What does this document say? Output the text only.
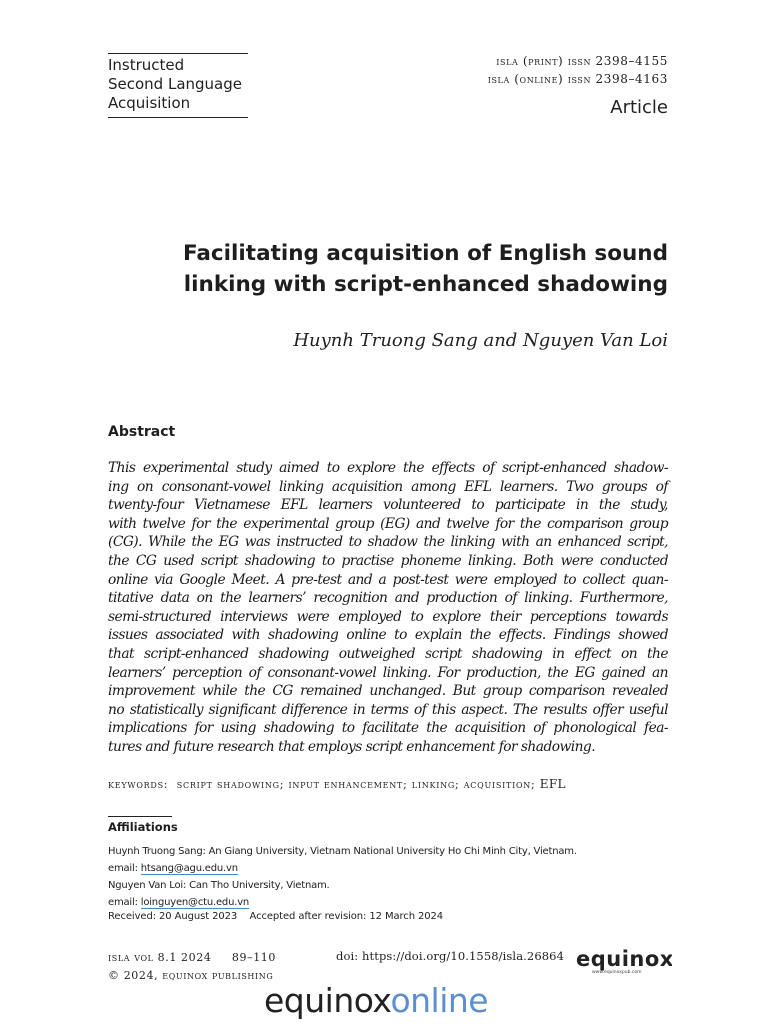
Instructed
Second Language
Acquisition
isla (print) issn 2398–4155
isla (online) issn 2398–4163
Article
Facilitating acquisition of English sound
linking with script-enhanced shadowing
Huynh Truong Sang and Nguyen Van Loi
Abstract
This experimental study aimed to explore the effects of script-enhanced shadow-
ing on consonant-vowel linking acquisition among EFL learners. Two groups of
twenty-four Vietnamese EFL learners volunteered to participate in the study,
with twelve for the experimental group (EG) and twelve for the comparison group
(CG). While the EG was instructed to shadow the linking with an enhanced script,
the CG used script shadowing to practise phoneme linking. Both were conducted
online via Google Meet. A pre-test and a post-test were employed to collect quan-
titative data on the learners’ recognition and production of linking. Furthermore,
semi-structured interviews were employed to explore their perceptions towards
issues associated with shadowing online to explain the effects. Findings showed
that script-enhanced shadowing outweighed script shadowing in effect on the
learners’ perception of consonant-vowel linking. For production, the EG gained an
improvement while the CG remained unchanged. But group comparison revealed
no statistically significant difference in terms of this aspect. The results offer useful
implications for using shadowing to facilitate the acquisition of phonological fea-
tures and future research that employs script enhancement for shadowing.
keywords: script shadowing; input enhancement; linking; acquisition; EFL
Affiliations
Huynh Truong Sang: An Giang University, Vietnam National University Ho Chi Minh City, Vietnam.
email: htsang@agu.edu.vn
Nguyen Van Loi: Can Tho University, Vietnam.
email: loinguyen@ctu.edu.vn
Received: 20 August 2023 Accepted after revision: 12 March 2024
isla vol 8.1 2024 89–110
© 2024, equinox publishing
doi: https://doi.org/10.1558/isla.26864 equinox
www.equinoxpub.com
equinoxonline
